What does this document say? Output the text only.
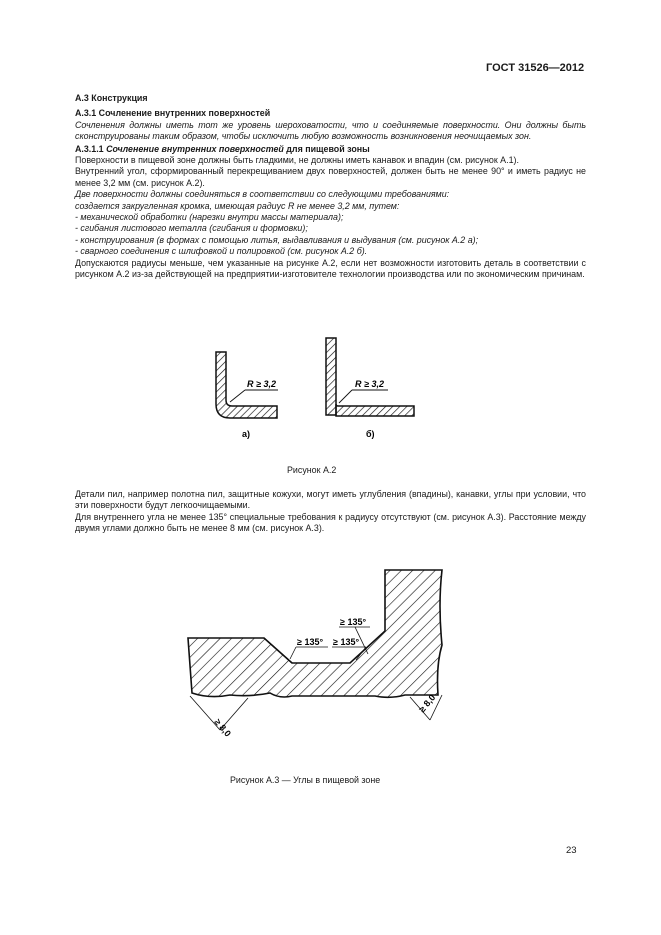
ГОСТ 31526—2012

А.3 Конструкция

А.3.1 Сочленение внутренних поверхностей

Сочленения должны иметь тот же уровень шероховатости, что и соединяемые поверхности. Они должны быть сконструированы таким образом, чтобы исключить любую возможность возникновения неочищаемых зон.

А.3.1.1 Сочленение внутренних поверхностей для пищевой зоны

Поверхности в пищевой зоне должны быть гладкими, не должны иметь канавок и впадин (см. рисунок А.1).

Внутренний угол, сформированный перекрещиванием двух поверхностей, должен быть не менее 90° и иметь радиус не менее 3,2 мм (см. рисунок А.2).

Две поверхности должны соединяться в соответствии со следующими требованиями:

создается закругленная кромка, имеющая радиус R не менее 3,2 мм, путем:

- механической обработки (нарезки внутри массы материала);

- сгибания листового металла (сгибания и формовки);

- конструирования (в формах с помощью литья, выдавливания и выдувания (см. рисунок А.2 а);

- сварного соединения с шлифовкой и полировкой (см. рисунок А.2 б).

Допускаются радиусы меньше, чем указанные на рисунке А.2, если нет возможности изготовить деталь в соответствии с рисунком А.2 из-за действующей на предприятии-изготовителе технологии производства или по экономическим причинам.

R ≥ 3,2
а)
R ≥ 3,2
б)
Рисунок А.2

Детали пил, например полотна пил, защитные кожухи, могут иметь углубления (впадины), канавки, углы при условии, что эти поверхности будут легкоочищаемыми.

Для внутреннего угла не менее 135° специальные требования к радиусу отсутствуют (см. рисунок А.3). Расстояние между двумя углами должно быть не менее 8 мм (см. рисунок А.3).

≥ 135°
≥ 135° ≥ 135°
≥ 8,0
≥ 8,0
Рисунок А.3 — Углы в пищевой зоне
23
